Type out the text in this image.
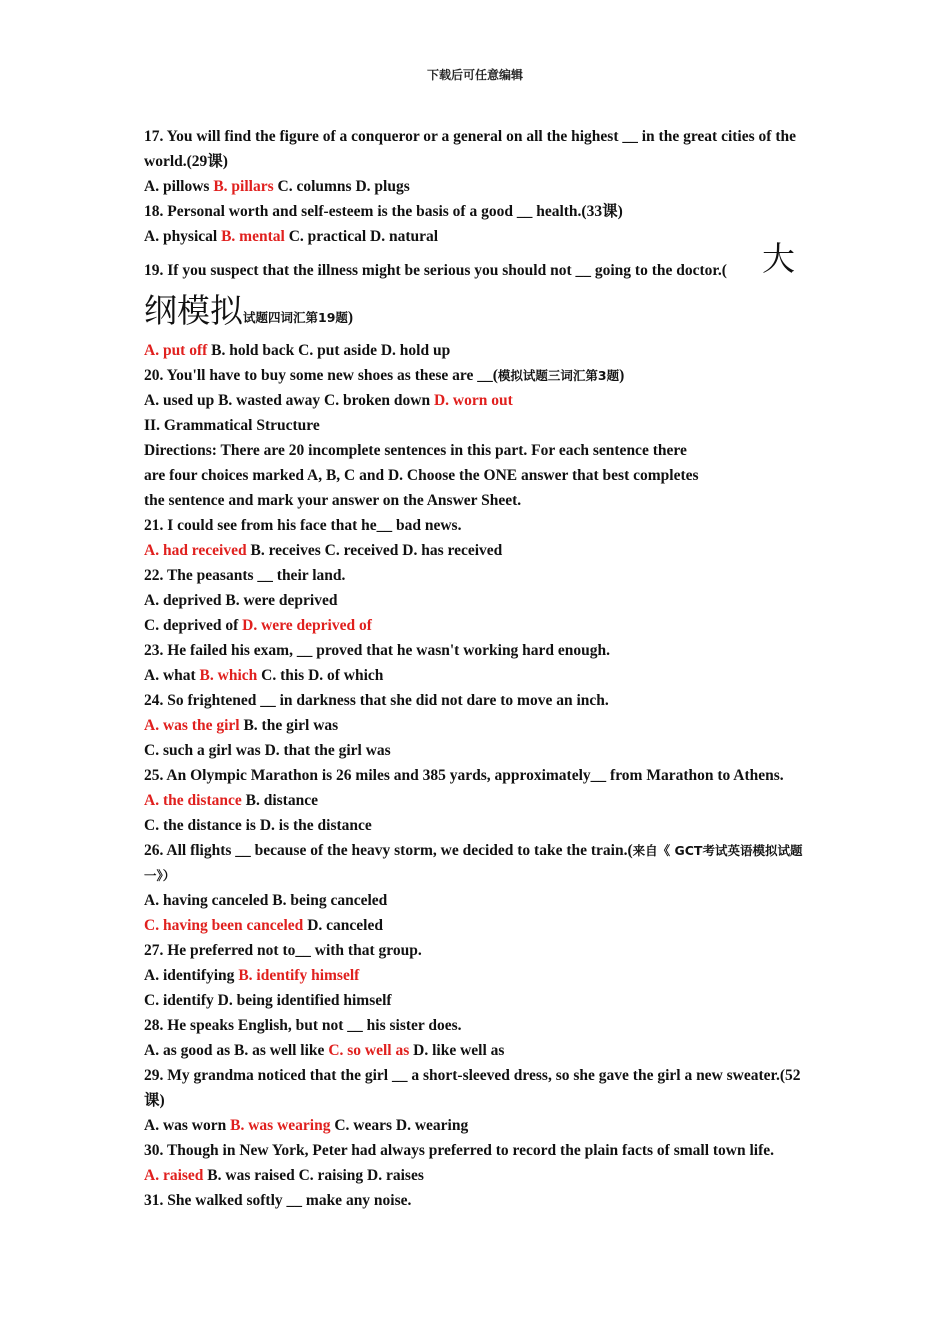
下载后可任意编辑
17. You will find the figure of a conqueror or a general on all the highest __ in the great cities of the world.(29课)
A. pillows B. pillars C. columns D. plugs
18. Personal worth and self-esteem is the basis of a good __ health.(33课)
A. physical B. mental C. practical D. natural
19. If you suspect that the illness might be serious you should not __ going to the doctor.( 大
纲模拟试题四词汇第19题)
A. put off B. hold back C. put aside D. hold up
20. You'll have to buy some new shoes as these are __(模拟试题三词汇第3题)
A. used up B. wasted away C. broken down D. worn out
II. Grammatical Structure
Directions: There are 20 incomplete sentences in this part. For each sentence there
are four choices marked A, B, C and D. Choose the ONE answer that best completes
the sentence and mark your answer on the Answer Sheet.
21. I could see from his face that he__ bad news.
A. had received B. receives C. received D. has received
22. The peasants __ their land.
A. deprived B. were deprived
C. deprived of D. were deprived of
23. He failed his exam, __ proved that he wasn't working hard enough.
A. what B. which C. this D. of which
24. So frightened __ in darkness that she did not dare to move an inch.
A. was the girl B. the girl was
C. such a girl was D. that the girl was
25. An Olympic Marathon is 26 miles and 385 yards, approximately__ from Marathon to Athens.
A. the distance B. distance
C. the distance is D. is the distance
26. All flights __ because of the heavy storm, we decided to take the train.(来自《 GCT考试英语模拟试题一》）
A. having canceled B. being canceled
C. having been canceled D. canceled
27. He preferred not to__ with that group.
A. identifying B. identify himself
C. identify D. being identified himself
28. He speaks English, but not __ his sister does.
A. as good as B. as well like C. so well as D. like well as
29. My grandma noticed that the girl __ a short-sleeved dress, so she gave the girl a new sweater.(52课)
A. was worn B. was wearing C. wears D. wearing
30. Though in New York, Peter had always preferred to record the plain facts of small town life.
A. raised B. was raised C. raising D. raises
31. She walked softly __ make any noise.
